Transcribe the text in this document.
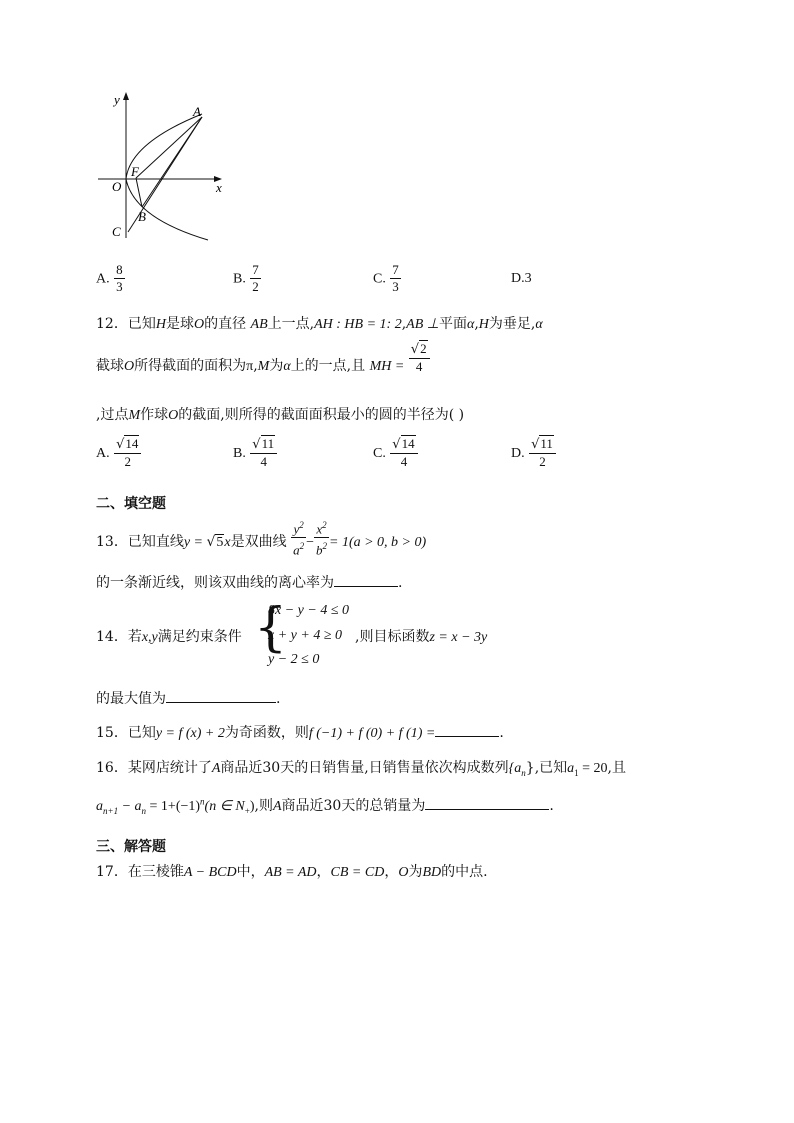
y
x
O
F
A
B
C
A. $\frac{8}{3}$	B. $\frac{7}{2}$	C. $\frac{7}{3}$	D.3
12．已知H是球O的直径 AB上一点,AH : HB = 1: 2,AB ⊥平面α,H为垂足,α
截球O所得截面的面积为π,M为α上的一点,且 MH = $\frac{√2}{4}$
,过点M作球O的截面,则所得的截面面积最小的圆的半径为( )
A. $\frac{√14}{2}$	B. $\frac{√11}{4}$	C. $\frac{√14}{4}$	D. $\frac{√11}{2}$
二、填空题
13．已知直线y = √5x是双曲线 $\frac{y^2}{a^2} - \frac{x^2}{b^2} = 1(a > 0$, b > 0)
的一条渐近线，则该双曲线的离心率为	.
14．若x,y满足约束条件 {
8x − y − 4 ≤ 0
x + y + 4 ≥ 0
y − 2 ≤ 0
,则目标函数z = x − 3y
的最大值为	.
15．已知y = f (x) + 2为奇函数，则f (−1) + f (0) + f (1) =	.
16．某网店统计了A商品近30天的日销售量,日销售量依次构成数列$\{a_n\}$,已知$a_1 = 20$,且
$a_{n+1} - a_n = 1+(-1)^n(n$ ∈ $N_+$),则A商品近30天的总销量为	.
三、解答题
17．在三棱锥A − BCD中，AB = AD，CB = CD，O为BD的中点.
